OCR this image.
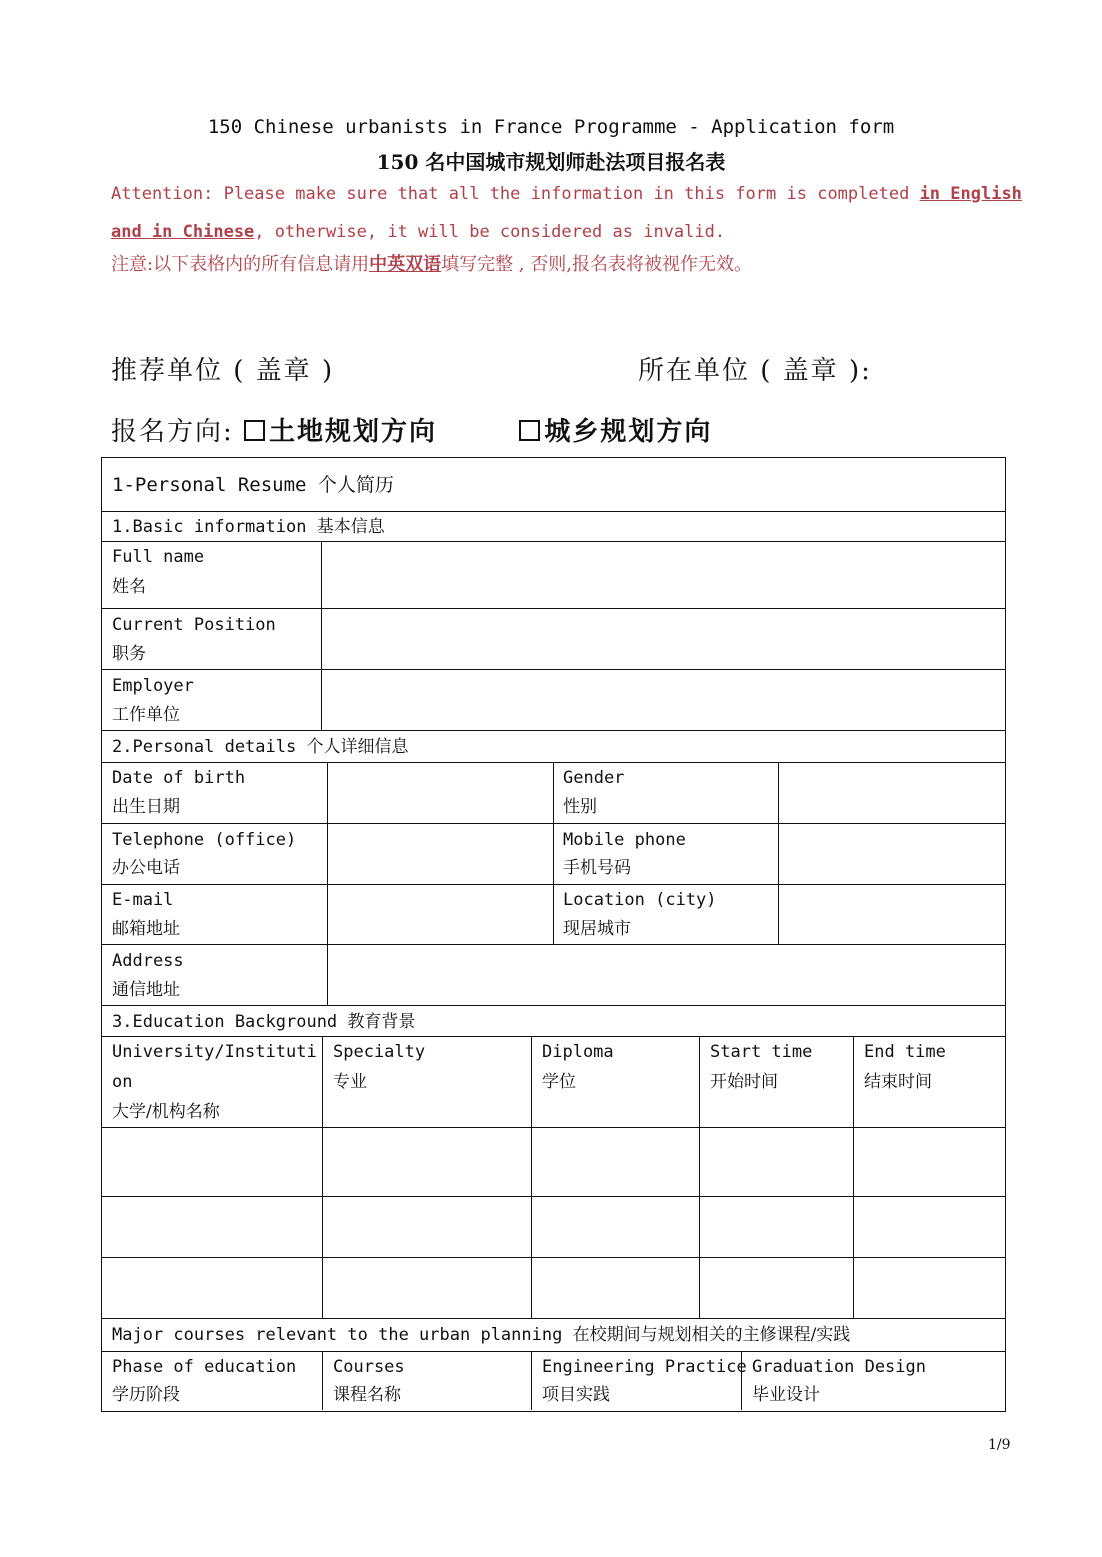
150 Chinese urbanists in France Programme - Application form
150 名中国城市规划师赴法项目报名表
Attention: Please make sure that all the information in this form is completed in English
and in Chinese, otherwise, it will be considered as invalid.
注意:以下表格内的所有信息请用中英双语填写完整 , 否则,报名表将被视作无效。
推荐单位 ( 盖章 )	所在单位 ( 盖章 ):
报名方向: 土地规划方向	城乡规划方向
1-Personal Resume 个人简历
1.Basic information 基本信息
Full name
姓名
Current Position
职务
Employer
工作单位
2.Personal details 个人详细信息
Date of birth
出生日期
Gender
性别
Telephone (office)
办公电话
Mobile phone
手机号码
E-mail
邮箱地址
Location (city)
现居城市
Address
通信地址
3.Education Background 教育背景
University/Instituti
on
大学/机构名称
Specialty
专业
Diploma
学位
Start time
开始时间
End time
结束时间
Major courses relevant to the urban planning 在校期间与规划相关的主修课程/实践
Phase of education
学历阶段
Courses
课程名称
Engineering Practice
项目实践
Graduation Design
毕业设计
1/9
